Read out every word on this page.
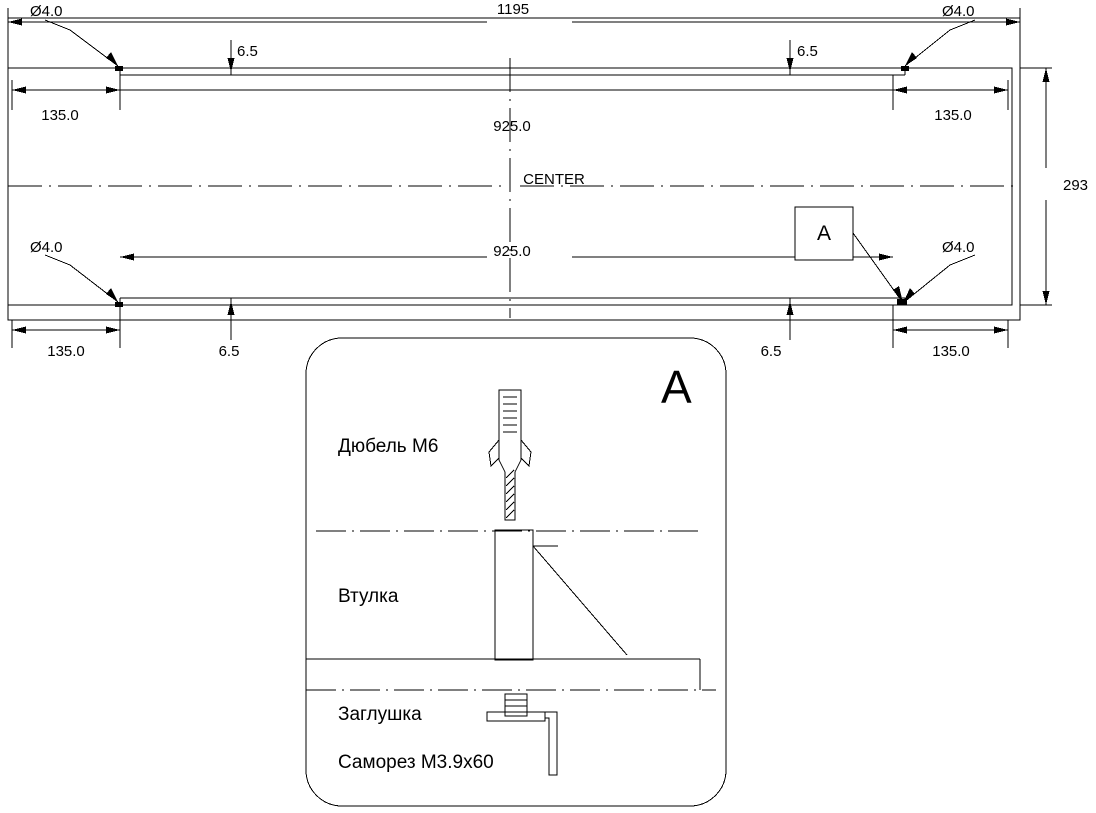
1195
293
Ø4.0	Ø4.0
Ø4.0	Ø4.0
6.5	6.5
135.0	135.0
925.0
CENTER
925.0
135.0	135.0
6.5	6.5
A
A
Дюбель М6
Втулка
Заглушка
Саморез М3.9х60
